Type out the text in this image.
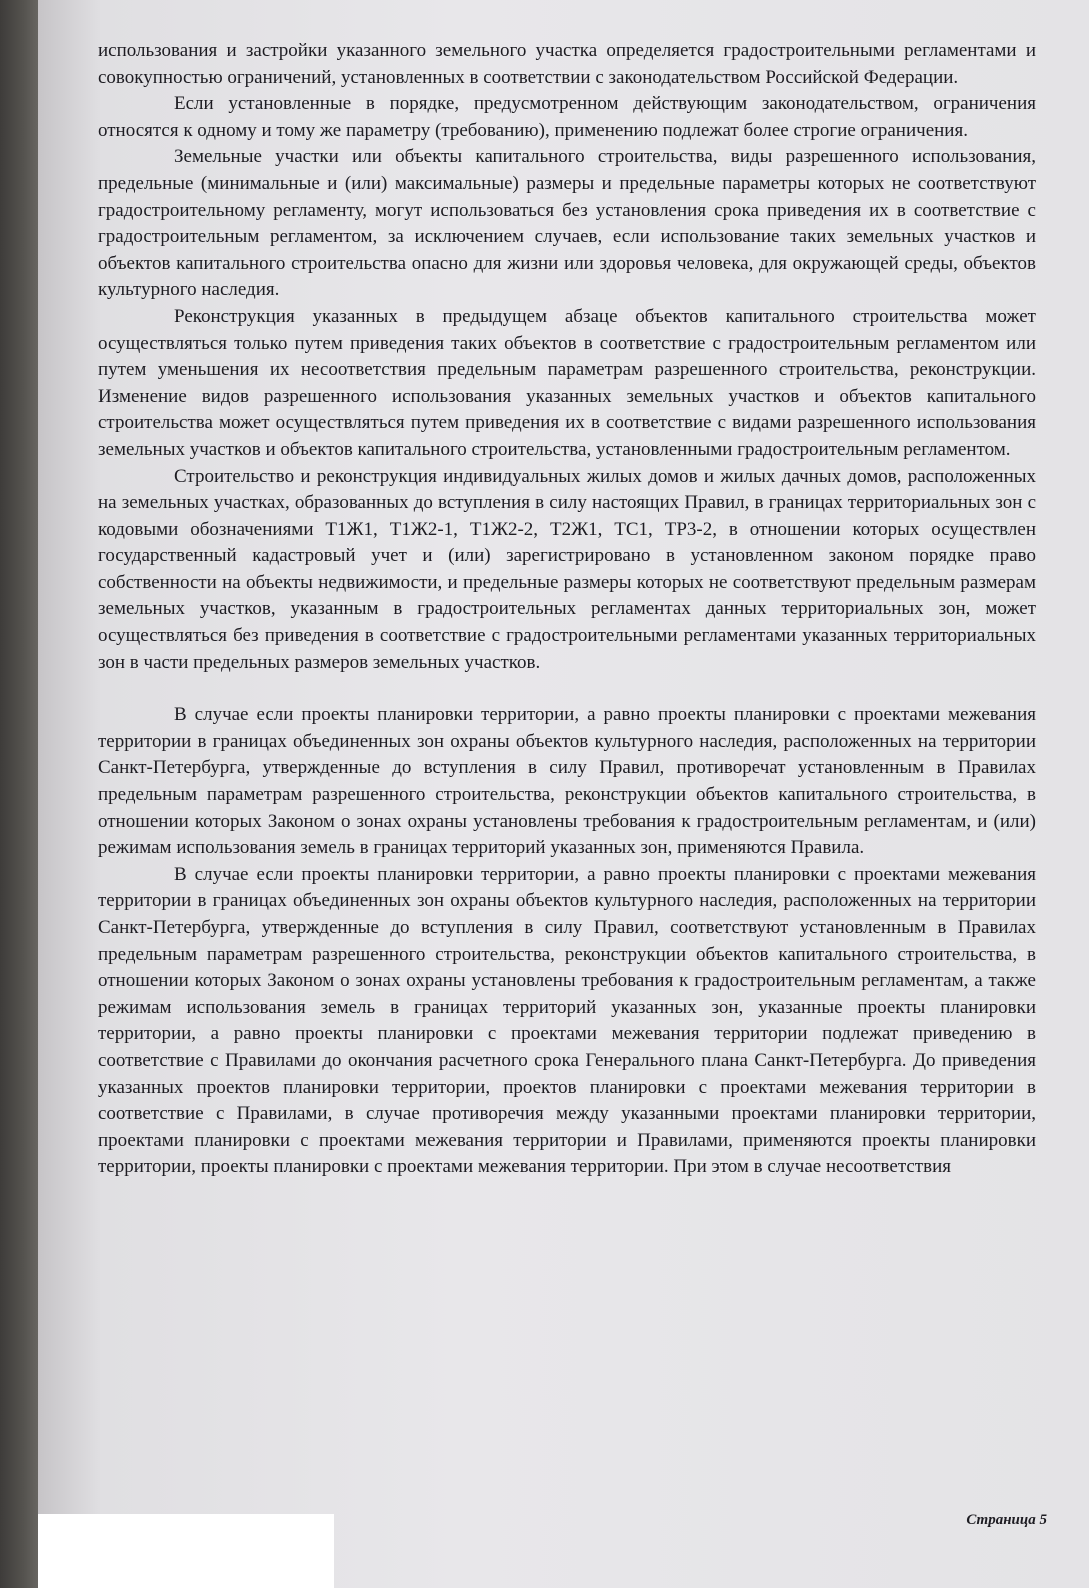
использования и застройки указанного земельного участка определяется градостроительными регламентами и совокупностью ограничений, установленных в соответствии с законодательством Российской Федерации.

Если установленные в порядке, предусмотренном действующим законодательством, ограничения относятся к одному и тому же параметру (требованию), применению подлежат более строгие ограничения.

Земельные участки или объекты капитального строительства, виды разрешенного использования, предельные (минимальные и (или) максимальные) размеры и предельные параметры которых не соответствуют градостроительному регламенту, могут использоваться без установления срока приведения их в соответствие с градостроительным регламентом, за исключением случаев, если использование таких земельных участков и объектов капитального строительства опасно для жизни или здоровья человека, для окружающей среды, объектов культурного наследия.

Реконструкция указанных в предыдущем абзаце объектов капитального строительства может осуществляться только путем приведения таких объектов в соответствие с градостроительным регламентом или путем уменьшения их несоответствия предельным параметрам разрешенного строительства, реконструкции. Изменение видов разрешенного использования указанных земельных участков и объектов капитального строительства может осуществляться путем приведения их в соответствие с видами разрешенного использования земельных участков и объектов капитального строительства, установленными градостроительным регламентом.

Строительство и реконструкция индивидуальных жилых домов и жилых дачных домов, расположенных на земельных участках, образованных до вступления в силу настоящих Правил, в границах территориальных зон с кодовыми обозначениями Т1Ж1, Т1Ж2-1, Т1Ж2-2, Т2Ж1, ТС1, ТР3-2, в отношении которых осуществлен государственный кадастровый учет и (или) зарегистрировано в установленном законом порядке право собственности на объекты недвижимости, и предельные размеры которых не соответствуют предельным размерам земельных участков, указанным в градостроительных регламентах данных территориальных зон, может осуществляться без приведения в соответствие с градостроительными регламентами указанных территориальных зон в части предельных размеров земельных участков.

В случае если проекты планировки территории, а равно проекты планировки с проектами межевания территории в границах объединенных зон охраны объектов культурного наследия, расположенных на территории Санкт-Петербурга, утвержденные до вступления в силу Правил, противоречат установленным в Правилах предельным параметрам разрешенного строительства, реконструкции объектов капитального строительства, в отношении которых Законом о зонах охраны установлены требования к градостроительным регламентам, и (или) режимам использования земель в границах территорий указанных зон, применяются Правила.

В случае если проекты планировки территории, а равно проекты планировки с проектами межевания территории в границах объединенных зон охраны объектов культурного наследия, расположенных на территории Санкт-Петербурга, утвержденные до вступления в силу Правил, соответствуют установленным в Правилах предельным параметрам разрешенного строительства, реконструкции объектов капитального строительства, в отношении которых Законом о зонах охраны установлены требования к градостроительным регламентам, а также режимам использования земель в границах территорий указанных зон, указанные проекты планировки территории, а равно проекты планировки с проектами межевания территории подлежат приведению в соответствие с Правилами до окончания расчетного срока Генерального плана Санкт-Петербурга. До приведения указанных проектов планировки территории, проектов планировки с проектами межевания территории в соответствие с Правилами, в случае противоречия между указанными проектами планировки территории, проектами планировки с проектами межевания территории и Правилами, применяются проекты планировки территории, проекты планировки с проектами межевания территории. При этом в случае несоответствия

Страница 5
